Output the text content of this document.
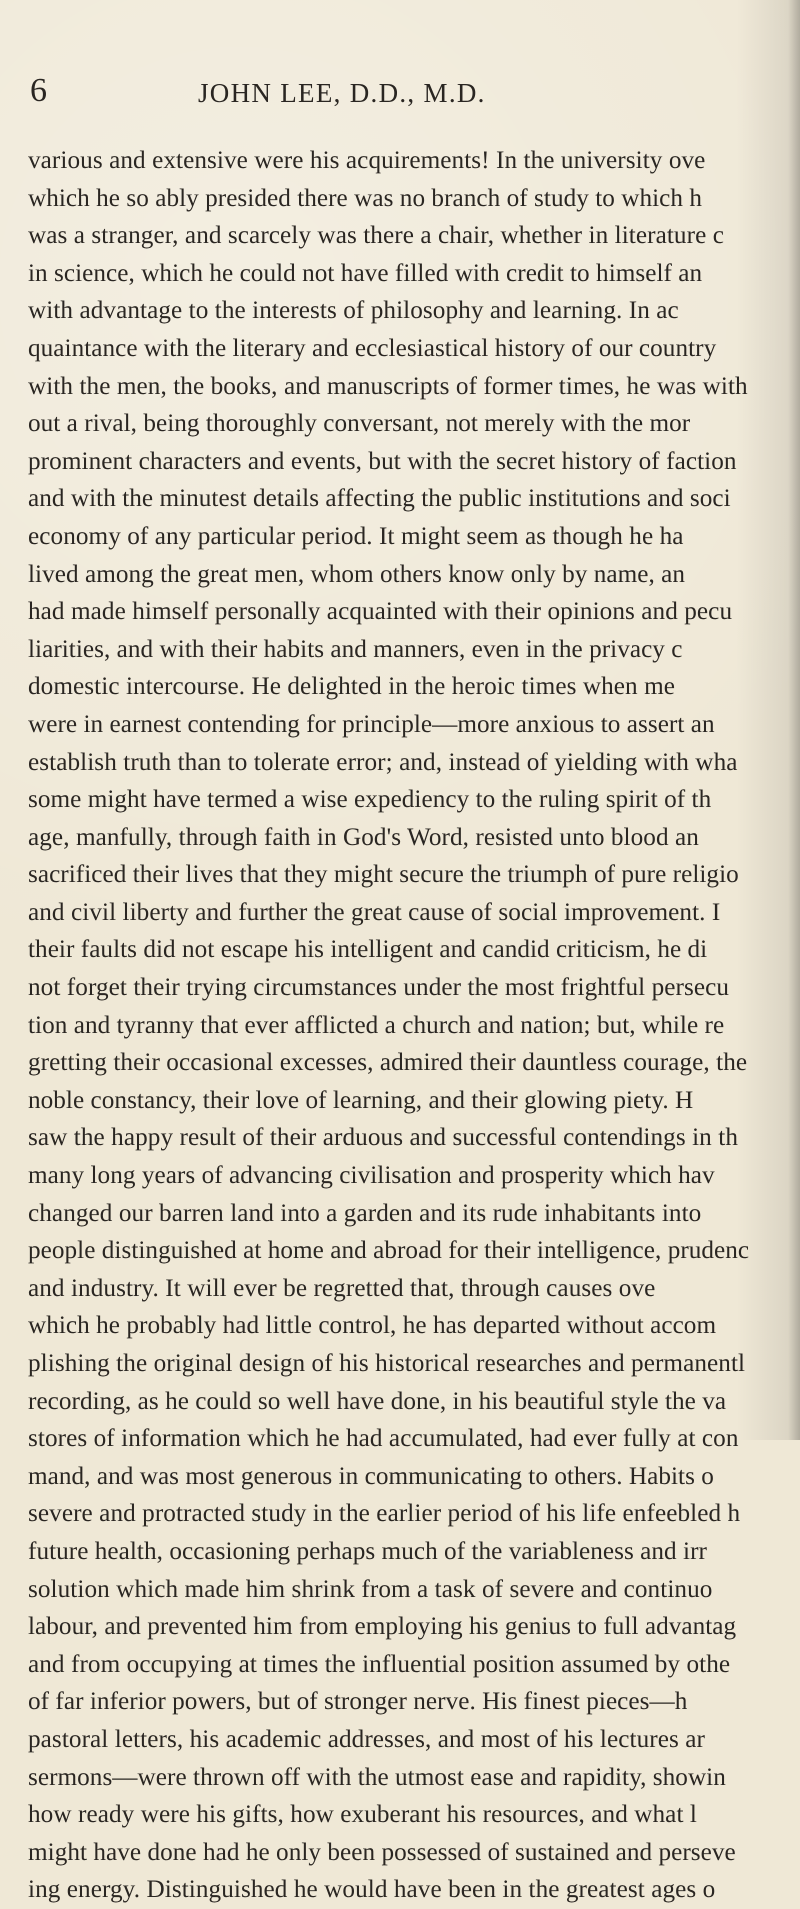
6	JOHN LEE, D.D., M.D.
various and extensive were his acquirements! In the university ove
which he so ably presided there was no branch of study to which h
was a stranger, and scarcely was there a chair, whether in literature c
in science, which he could not have filled with credit to himself an
with advantage to the interests of philosophy and learning. In ac
quaintance with the literary and ecclesiastical history of our country
with the men, the books, and manuscripts of former times, he was with
out a rival, being thoroughly conversant, not merely with the mor
prominent characters and events, but with the secret history of faction
and with the minutest details affecting the public institutions and soci
economy of any particular period. It might seem as though he ha
lived among the great men, whom others know only by name, an
had made himself personally acquainted with their opinions and pecu
liarities, and with their habits and manners, even in the privacy c
domestic intercourse. He delighted in the heroic times when me
were in earnest contending for principle—more anxious to assert an
establish truth than to tolerate error; and, instead of yielding with wha
some might have termed a wise expediency to the ruling spirit of th
age, manfully, through faith in God's Word, resisted unto blood an
sacrificed their lives that they might secure the triumph of pure religio
and civil liberty and further the great cause of social improvement. I
their faults did not escape his intelligent and candid criticism, he di
not forget their trying circumstances under the most frightful persecu
tion and tyranny that ever afflicted a church and nation; but, while re
gretting their occasional excesses, admired their dauntless courage, the
noble constancy, their love of learning, and their glowing piety. H
saw the happy result of their arduous and successful contendings in th
many long years of advancing civilisation and prosperity which hav
changed our barren land into a garden and its rude inhabitants into
people distinguished at home and abroad for their intelligence, prudenc
and industry. It will ever be regretted that, through causes ove
which he probably had little control, he has departed without accom
plishing the original design of his historical researches and permanentl
recording, as he could so well have done, in his beautiful style the va
stores of information which he had accumulated, had ever fully at con
mand, and was most generous in communicating to others. Habits o
severe and protracted study in the earlier period of his life enfeebled h
future health, occasioning perhaps much of the variableness and irr
solution which made him shrink from a task of severe and continuo
labour, and prevented him from employing his genius to full advantag
and from occupying at times the influential position assumed by othe
of far inferior powers, but of stronger nerve. His finest pieces—h
pastoral letters, his academic addresses, and most of his lectures ar
sermons—were thrown off with the utmost ease and rapidity, showin
how ready were his gifts, how exuberant his resources, and what l
might have done had he only been possessed of sustained and perseve
ing energy. Distinguished he would have been in the greatest ages o
